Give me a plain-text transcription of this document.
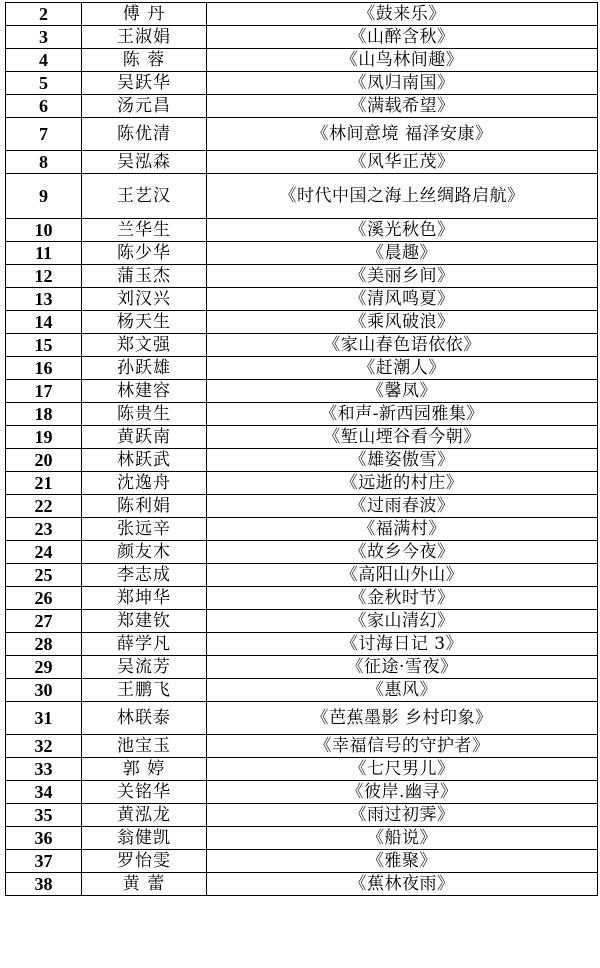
2	傅 丹	《鼓来乐》
3	王淑娟	《山醉含秋》
4	陈 蓉	《山鸟林间趣》
5	吴跃华	《凤归南国》
6	汤元昌	《满载希望》
7	陈优清	《林间意境 福泽安康》
8	吴泓森	《风华正茂》
9	王艺汉	《时代中国之海上丝绸路启航》
10	兰华生	《溪光秋色》
11	陈少华	《晨趣》
12	蒲玉杰	《美丽乡间》
13	刘汉兴	《清风鸣夏》
14	杨天生	《乘风破浪》
15	郑文强	《家山春色语依依》
16	孙跃雄	《赶潮人》
17	林建容	《馨凤》
18	陈贵生	《和声-新西园雅集》
19	黄跃南	《堑山堙谷看今朝》
20	林跃武	《雄姿傲雪》
21	沈逸舟	《远逝的村庄》
22	陈利娟	《过雨春波》
23	张远辛	《福满村》
24	颜友木	《故乡今夜》
25	李志成	《高阳山外山》
26	郑坤华	《金秋时节》
27	郑建钦	《家山清幻》
28	薛学凡	《讨海日记 3》
29	吴流芳	《征途·雪夜》
30	王鹏飞	《惠风》
31	林联泰	《芭蕉墨影 乡村印象》
32	池宝玉	《幸福信号的守护者》
33	郭 婷	《七尺男儿》
34	关铭华	《彼岸.幽寻》
35	黄泓龙	《雨过初霁》
36	翁健凯	《船说》
37	罗怡雯	《雅聚》
38	黄 蕾	《蕉林夜雨》
